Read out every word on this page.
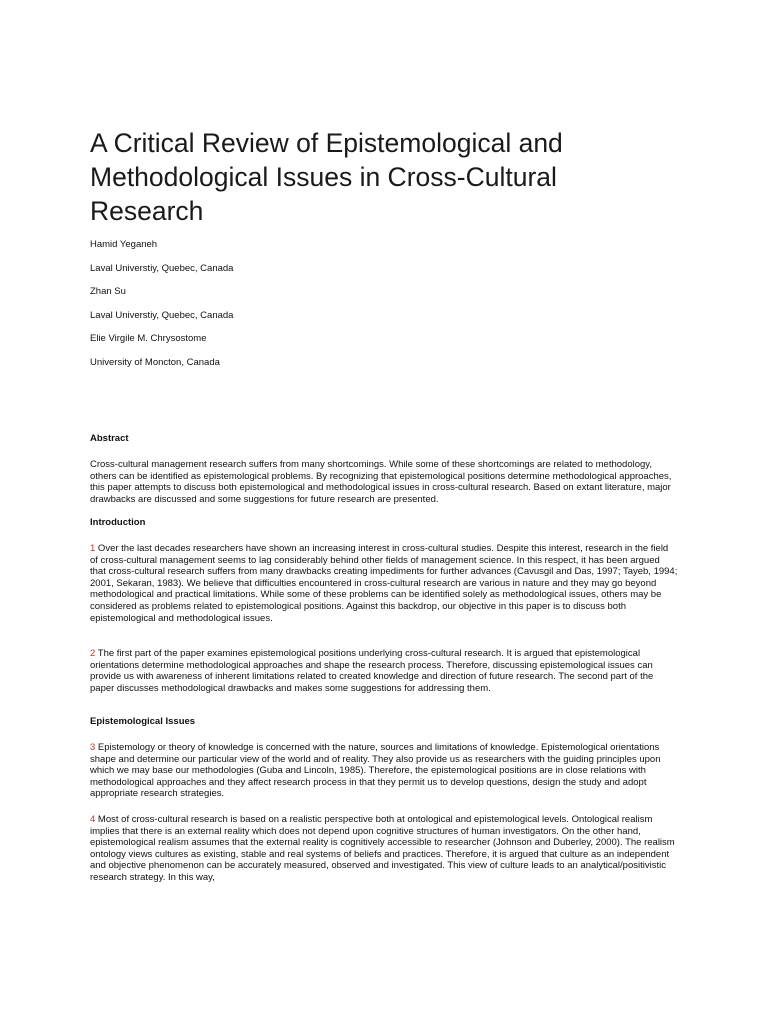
A Critical Review of Epistemological and Methodological Issues in Cross-Cultural Research
Hamid Yeganeh
Laval Universtiy, Quebec, Canada
Zhan Su
Laval Universtiy, Quebec, Canada
Elie Virgile M. Chrysostome
University of Moncton, Canada
Abstract

Cross-cultural management research suffers from many shortcomings. While some of these shortcomings are related to methodology, others can be identified as epistemological problems. By recognizing that epistemological positions determine methodological approaches, this paper attempts to discuss both epistemological and methodological issues in cross-cultural research. Based on extant literature, major drawbacks are discussed and some suggestions for future research are presented.

Introduction

1 Over the last decades researchers have shown an increasing interest in cross-cultural studies. Despite this interest, research in the field of cross-cultural management seems to lag considerably behind other fields of management science. In this respect, it has been argued that cross-cultural research suffers from many drawbacks creating impediments for further advances (Cavusgil and Das, 1997; Tayeb, 1994; 2001, Sekaran, 1983). We believe that difficulties encountered in cross-cultural research are various in nature and they may go beyond methodological and practical limitations. While some of these problems can be identified solely as methodological issues, others may be considered as problems related to epistemological positions. Against this backdrop, our objective in this paper is to discuss both epistemological and methodological issues.

2 The first part of the paper examines epistemological positions underlying cross-cultural research. It is argued that epistemological orientations determine methodological approaches and shape the research process. Therefore, discussing epistemological issues can provide us with awareness of inherent limitations related to created knowledge and direction of future research. The second part of the paper discusses methodological drawbacks and makes some suggestions for addressing them.

Epistemological Issues

3 Epistemology or theory of knowledge is concerned with the nature, sources and limitations of knowledge. Epistemological orientations shape and determine our particular view of the world and of reality. They also provide us as researchers with the guiding principles upon which we may base our methodologies (Guba and Lincoln, 1985). Therefore, the epistemological positions are in close relations with methodological approaches and they affect research process in that they permit us to develop questions, design the study and adopt appropriate research strategies.

4 Most of cross-cultural research is based on a realistic perspective both at ontological and epistemological levels. Ontological realism implies that there is an external reality which does not depend upon cognitive structures of human investigators. On the other hand, epistemological realism assumes that the external reality is cognitively accessible to researcher (Johnson and Duberley, 2000). The realism ontology views cultures as existing, stable and real systems of beliefs and practices. Therefore, it is argued that culture as an independent and objective phenomenon can be accurately measured, observed and investigated. This view of culture leads to an analytical/positivistic research strategy. In this way,
